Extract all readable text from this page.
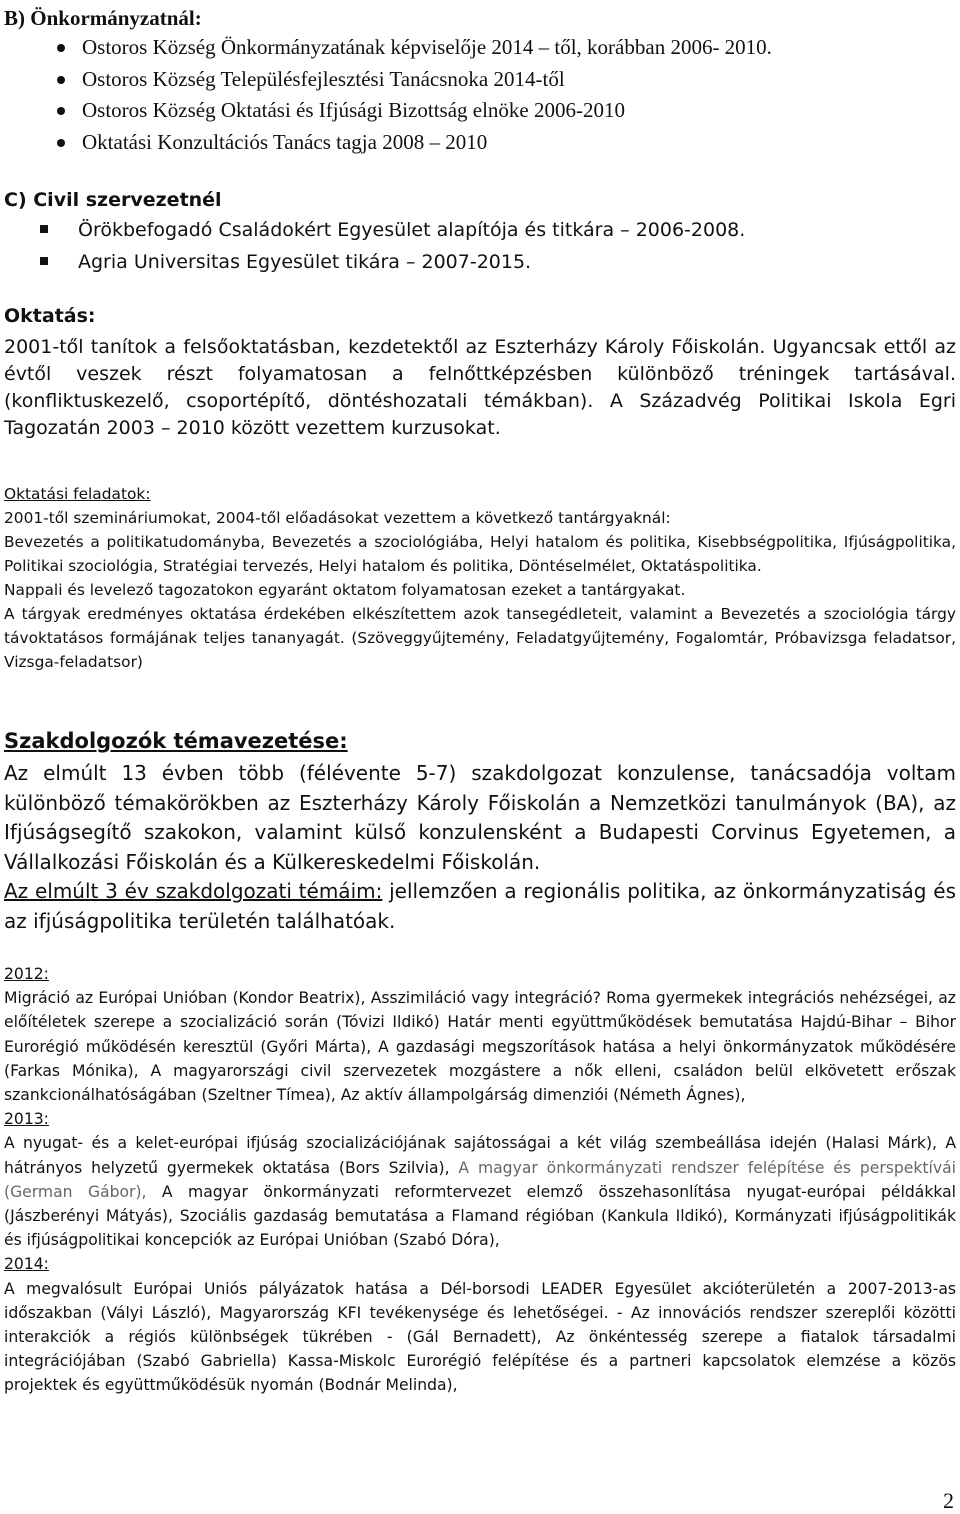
B) Önkormányzatnál:
Ostoros Község Önkormányzatának képviselője 2014 – től, korábban 2006- 2010.
Ostoros Község Településfejlesztési Tanácsnoka 2014-től
Ostoros Község Oktatási és Ifjúsági Bizottság elnöke 2006-2010
Oktatási Konzultációs Tanács tagja 2008 – 2010
C) Civil szervezetnél
Örökbefogadó Családokért Egyesület alapítója és titkára – 2006-2008.
Agria Universitas Egyesület tikára – 2007-2015.
Oktatás:
2001-től tanítok a felsőoktatásban, kezdetektől az Eszterházy Károly Főiskolán. Ugyancsak ettől az évtől veszek részt folyamatosan a felnőttképzésben különböző tréningek tartásával. (konfliktuskezelő, csoportépítő, döntéshozatali témákban). A Századvég Politikai Iskola Egri Tagozatán 2003 – 2010 között vezettem kurzusokat.
Oktatási feladatok:

2001-től szemináriumokat, 2004-től előadásokat vezettem a következő tantárgyaknál:

Bevezetés a politikatudományba, Bevezetés a szociológiába, Helyi hatalom és politika, Kisebbségpolitika, Ifjúságpolitika, Politikai szociológia, Stratégiai tervezés, Helyi hatalom és politika, Döntéselmélet, Oktatáspolitika.

Nappali és levelező tagozatokon egyaránt oktatom folyamatosan ezeket a tantárgyakat.

A tárgyak eredményes oktatása érdekében elkészítettem azok tansegédleteit, valamint a Bevezetés a szociológia tárgy távoktatásos formájának teljes tananyagát. (Szöveggyűjtemény, Feladatgyűjtemény, Fogalomtár, Próbavizsga feladatsor, Vizsga-feladatsor)

Szakdolgozók témavezetése:
Az elmúlt 13 évben több (félévente 5-7) szakdolgozat konzulense, tanácsadója voltam különböző témakörökben az Eszterházy Károly Főiskolán a Nemzetközi tanulmányok (BA), az Ifjúságsegítő szakokon, valamint külső konzulensként a Budapesti Corvinus Egyetemen, a Vállalkozási Főiskolán és a Külkereskedelmi Főiskolán.
Az elmúlt 3 év szakdolgozati témáim: jellemzően a regionális politika, az önkormányzatiság és az ifjúságpolitika területén találhatóak.
2012:

Migráció az Európai Unióban (Kondor Beatrix), Asszimiláció vagy integráció? Roma gyermekek integrációs nehézségei, az előítéletek szerepe a szocializáció során (Tóvizi Ildikó) Határ menti együttműködések bemutatása Hajdú-Bihar – Bihor Eurorégió működésén keresztül (Győri Márta), A gazdasági megszorítások hatása a helyi önkormányzatok működésére (Farkas Mónika), A magyarországi civil szervezetek mozgástere a nők elleni, családon belül elkövetett erőszak szankcionálhatóságában (Szeltner Tímea), Az aktív állampolgárság dimenziói (Németh Ágnes),

2013:

A nyugat- és a kelet-európai ifjúság szocializációjának sajátosságai a két világ szembeállása idején (Halasi Márk), A hátrányos helyzetű gyermekek oktatása (Bors Szilvia), A magyar önkormányzati rendszer felépítése és perspektívái (German Gábor), A magyar önkormányzati reformtervezet elemző összehasonlítása nyugat-európai példákkal (Jászberényi Mátyás), Szociális gazdaság bemutatása a Flamand régióban (Kankula Ildikó), Kormányzati ifjúságpolitikák és ifjúságpolitikai koncepciók az Európai Unióban (Szabó Dóra),

2014:

A megvalósult Európai Uniós pályázatok hatása a Dél-borsodi LEADER Egyesület akcióterületén a 2007-2013-as időszakban (Vályi László), Magyarország KFI tevékenysége és lehetőségei. - Az innovációs rendszer szereplői közötti interakciók a régiós különbségek tükrében - (Gál Bernadett), Az önkéntesség szerepe a fiatalok társadalmi integrációjában (Szabó Gabriella) Kassa-Miskolc Eurorégió felépítése és a partneri kapcsolatok elemzése a közös projektek és együttműködésük nyomán (Bodnár Melinda),

2
